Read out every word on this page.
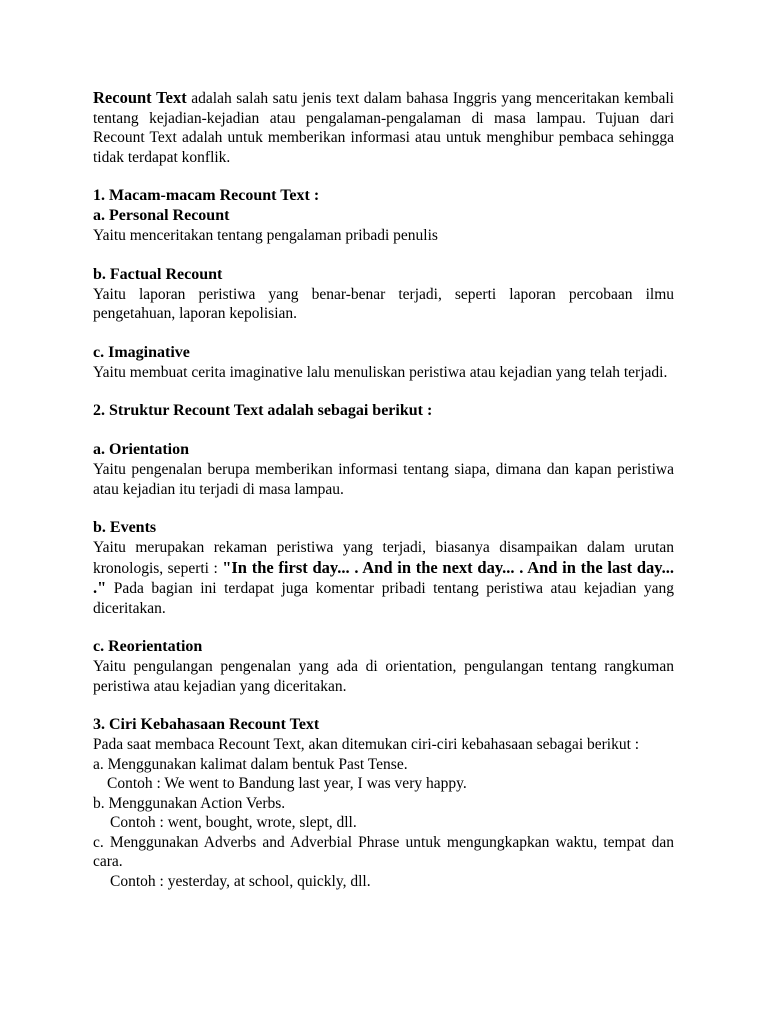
Recount Text adalah salah satu jenis text dalam bahasa Inggris yang menceritakan kembali tentang kejadian-kejadian atau pengalaman-pengalaman di masa lampau. Tujuan dari Recount Text adalah untuk memberikan informasi atau untuk menghibur pembaca sehingga tidak terdapat konflik.

1. Macam-macam Recount Text :

a. Personal Recount

Yaitu menceritakan tentang pengalaman pribadi penulis

b. Factual Recount

Yaitu laporan peristiwa yang benar-benar terjadi, seperti laporan percobaan ilmu pengetahuan, laporan kepolisian.

c. Imaginative

Yaitu membuat cerita imaginative lalu menuliskan peristiwa atau kejadian yang telah terjadi.

2. Struktur Recount Text adalah sebagai berikut :

a. Orientation

Yaitu pengenalan berupa memberikan informasi tentang siapa, dimana dan kapan peristiwa atau kejadian itu terjadi di masa lampau.

b. Events

Yaitu merupakan rekaman peristiwa yang terjadi, biasanya disampaikan dalam urutan kronologis, seperti : "In the first day... . And in the next day... . And in the last day... ." Pada bagian ini terdapat juga komentar pribadi tentang peristiwa atau kejadian yang diceritakan.

c. Reorientation

Yaitu pengulangan pengenalan yang ada di orientation, pengulangan tentang rangkuman peristiwa atau kejadian yang diceritakan.

3. Ciri Kebahasaan Recount Text

Pada saat membaca Recount Text, akan ditemukan ciri-ciri kebahasaan sebagai berikut :

a. Menggunakan kalimat dalam bentuk Past Tense.

Contoh : We went to Bandung last year, I was very happy.

b. Menggunakan Action Verbs.

Contoh : went, bought, wrote, slept, dll.

c. Menggunakan Adverbs and Adverbial Phrase untuk mengungkapkan waktu, tempat dan cara.

Contoh : yesterday, at school, quickly, dll.
